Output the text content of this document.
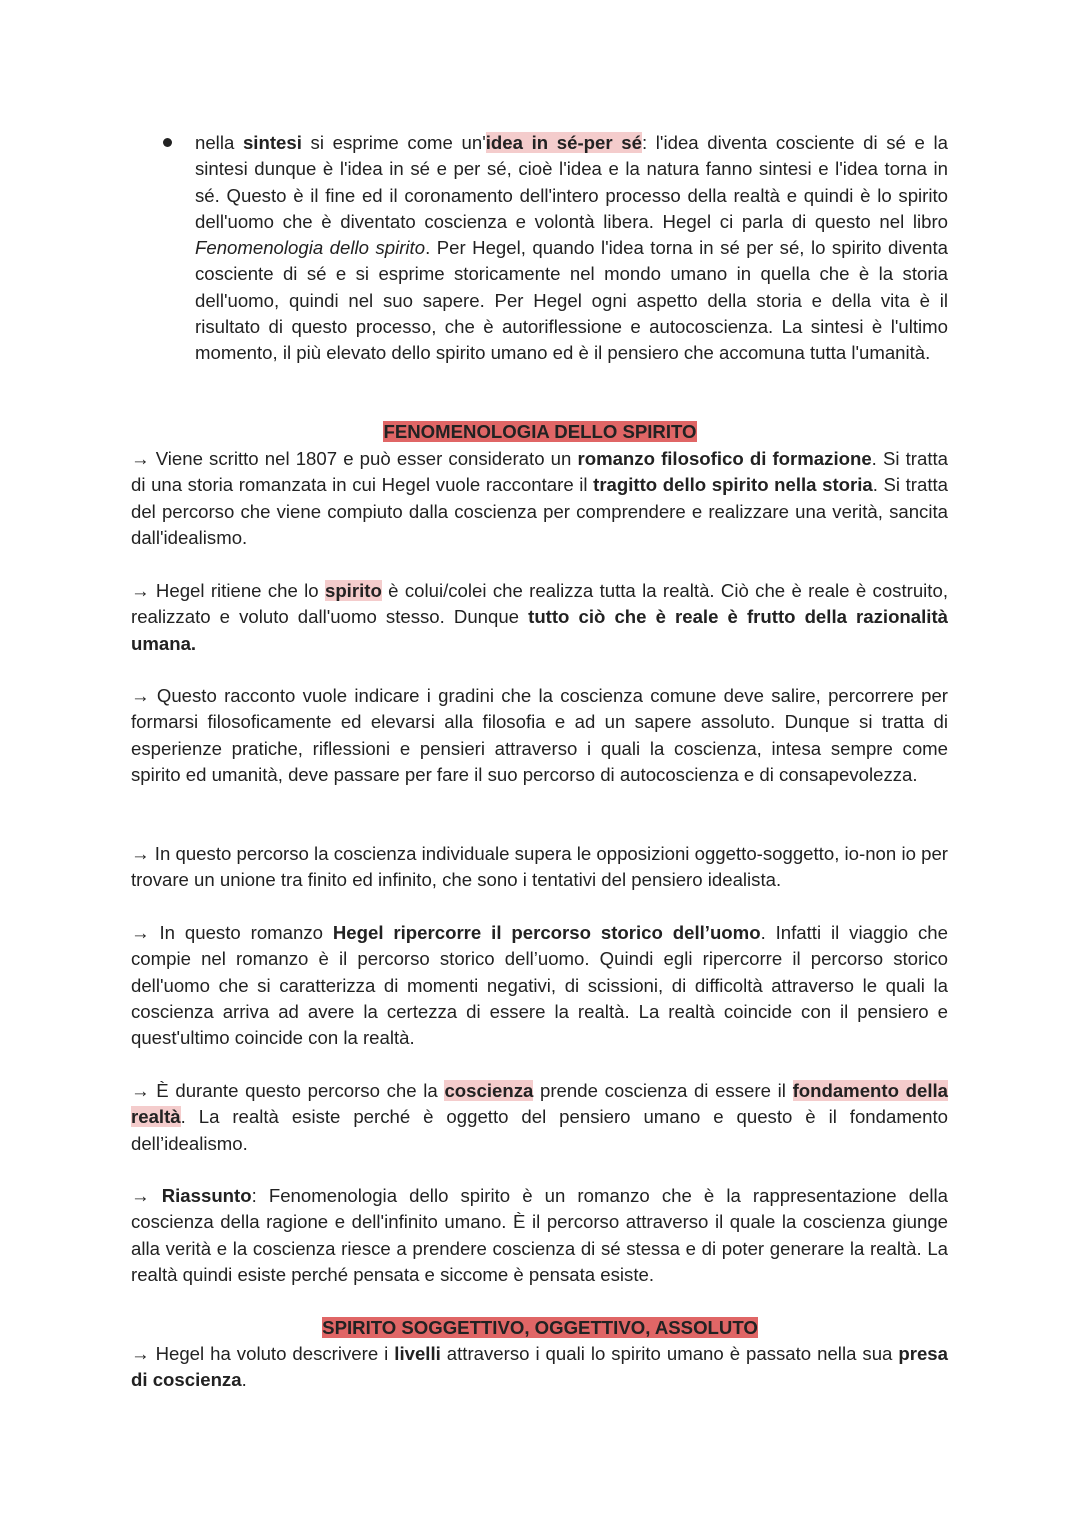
nella sintesi si esprime come un'idea in sé-per sé: l'idea diventa cosciente di sé e la sintesi dunque è l'idea in sé e per sé, cioè l'idea e la natura fanno sintesi e l'idea torna in sé. Questo è il fine ed il coronamento dell'intero processo della realtà e quindi è lo spirito dell'uomo che è diventato coscienza e volontà libera. Hegel ci parla di questo nel libro Fenomenologia dello spirito. Per Hegel, quando l'idea torna in sé per sé, lo spirito diventa cosciente di sé e si esprime storicamente nel mondo umano in quella che è la storia dell'uomo, quindi nel suo sapere. Per Hegel ogni aspetto della storia e della vita è il risultato di questo processo, che è autoriflessione e autocoscienza. La sintesi è l'ultimo momento, il più elevato dello spirito umano ed è il pensiero che accomuna tutta l'umanità.
FENOMENOLOGIA DELLO SPIRITO
→ Viene scritto nel 1807 e può esser considerato un romanzo filosofico di formazione. Si tratta di una storia romanzata in cui Hegel vuole raccontare il tragitto dello spirito nella storia. Si tratta del percorso che viene compiuto dalla coscienza per comprendere e realizzare una verità, sancita dall'idealismo.
→ Hegel ritiene che lo spirito è colui/colei che realizza tutta la realtà. Ciò che è reale è costruito, realizzato e voluto dall'uomo stesso. Dunque tutto ciò che è reale è frutto della razionalità umana.
→ Questo racconto vuole indicare i gradini che la coscienza comune deve salire, percorrere per formarsi filosoficamente ed elevarsi alla filosofia e ad un sapere assoluto. Dunque si tratta di esperienze pratiche, riflessioni e pensieri attraverso i quali la coscienza, intesa sempre come spirito ed umanità, deve passare per fare il suo percorso di autocoscienza e di consapevolezza.
→ In questo percorso la coscienza individuale supera le opposizioni oggetto-soggetto, io-non io per trovare un unione tra finito ed infinito, che sono i tentativi del pensiero idealista.
→ In questo romanzo Hegel ripercorre il percorso storico dell’uomo. Infatti il viaggio che compie nel romanzo è il percorso storico dell’uomo. Quindi egli ripercorre il percorso storico dell'uomo che si caratterizza di momenti negativi, di scissioni, di difficoltà attraverso le quali la coscienza arriva ad avere la certezza di essere la realtà. La realtà coincide con il pensiero e quest'ultimo coincide con la realtà.
→ È durante questo percorso che la coscienza prende coscienza di essere il fondamento della realtà. La realtà esiste perché è oggetto del pensiero umano e questo è il fondamento dell’idealismo.
→ Riassunto: Fenomenologia dello spirito è un romanzo che è la rappresentazione della coscienza della ragione e dell'infinito umano. È il percorso attraverso il quale la coscienza giunge alla verità e la coscienza riesce a prendere coscienza di sé stessa e di poter generare la realtà. La realtà quindi esiste perché pensata e siccome è pensata esiste.
SPIRITO SOGGETTIVO, OGGETTIVO, ASSOLUTO
→ Hegel ha voluto descrivere i livelli attraverso i quali lo spirito umano è passato nella sua presa di coscienza.
